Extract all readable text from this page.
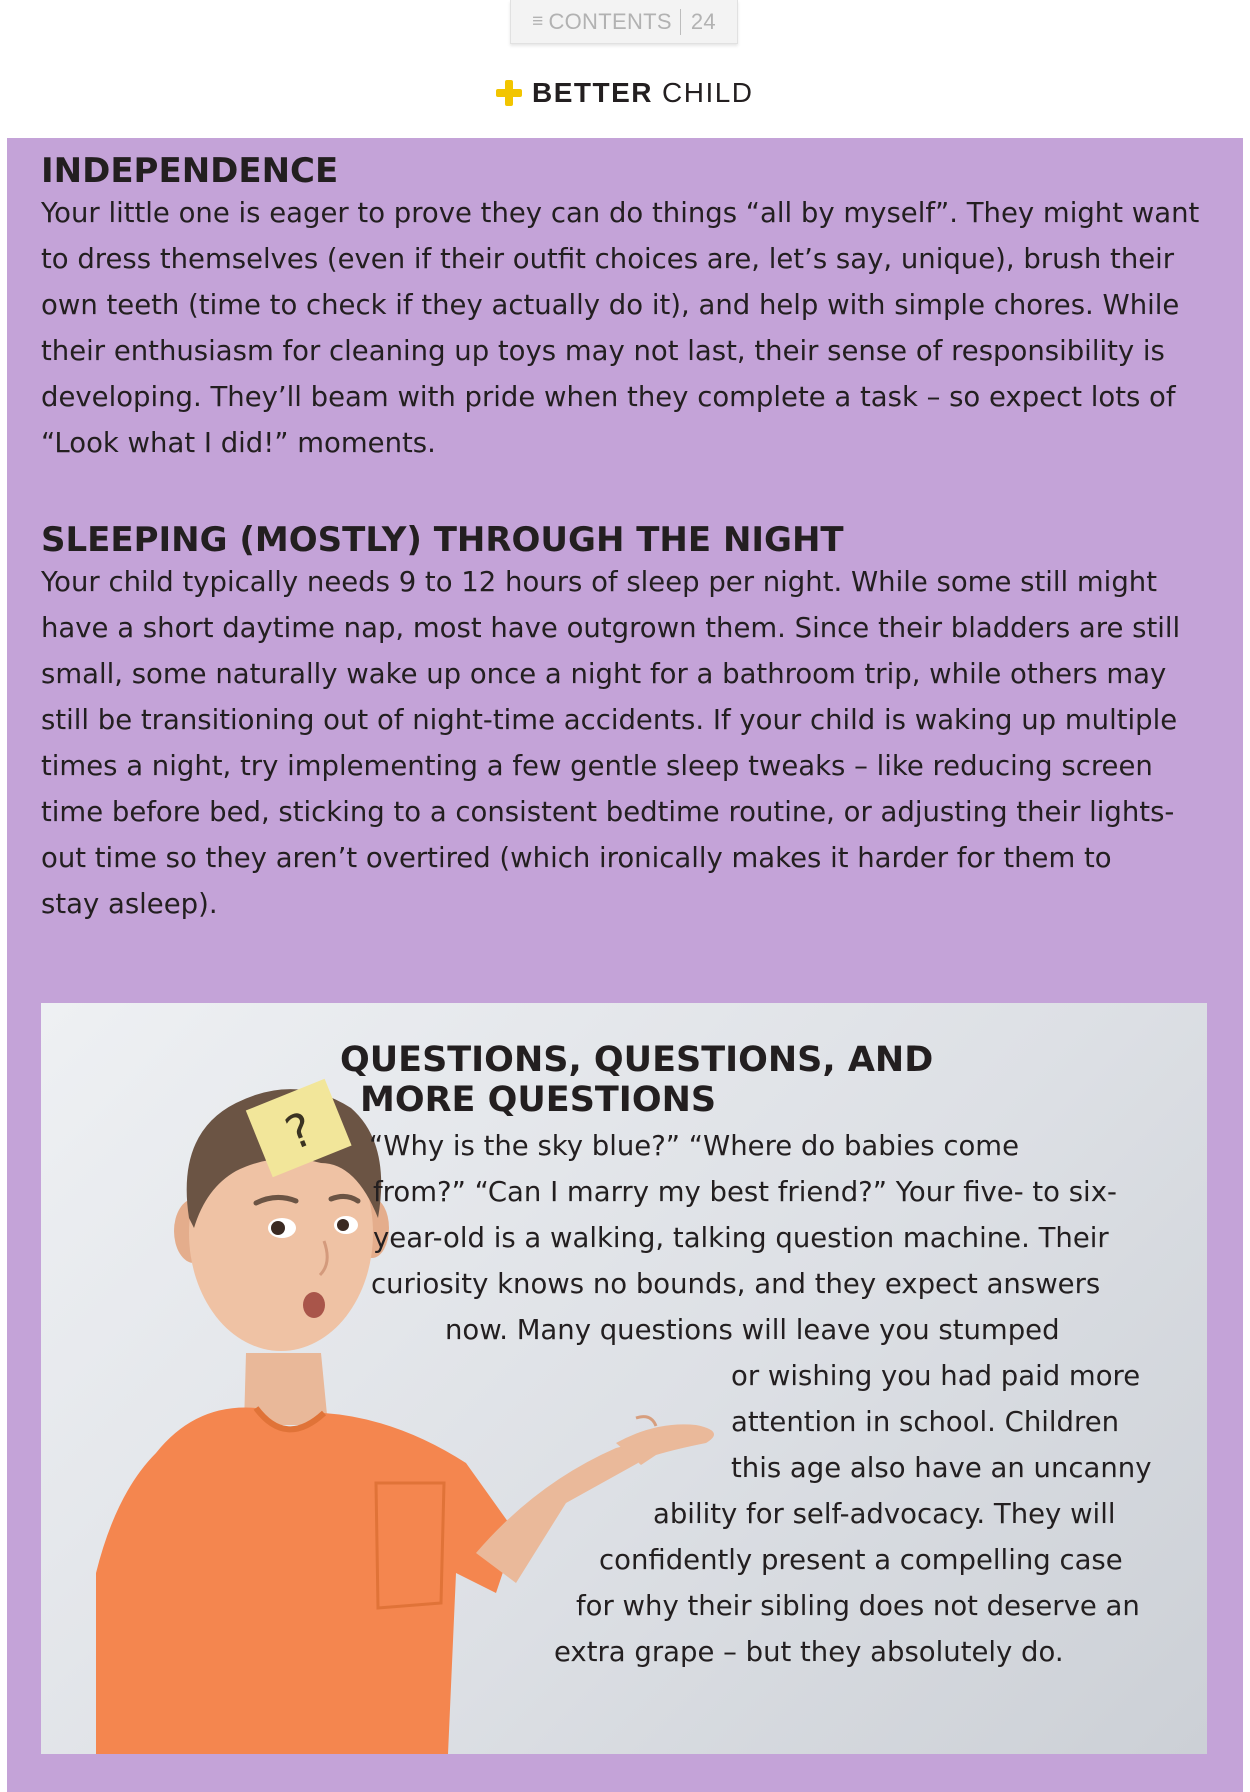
≡ CONTENTS 24
BETTER CHILD
INDEPENDENCE

Your little one is eager to prove they can do things “all by myself”. They might want
to dress themselves (even if their outfit choices are, let’s say, unique), brush their
own teeth (time to check if they actually do it), and help with simple chores. While
their enthusiasm for cleaning up toys may not last, their sense of responsibility is
developing. They’ll beam with pride when they complete a task – so expect lots of
“Look what I did!” moments.

SLEEPING (MOSTLY) THROUGH THE NIGHT

Your child typically needs 9 to 12 hours of sleep per night. While some still might
have a short daytime nap, most have outgrown them. Since their bladders are still
small, some naturally wake up once a night for a bathroom trip, while others may
still be transitioning out of night-time accidents. If your child is waking up multiple
times a night, try implementing a few gentle sleep tweaks – like reducing screen
time before bed, sticking to a consistent bedtime routine, or adjusting their lights-
out time so they aren’t overtired (which ironically makes it harder for them to
stay asleep).

?
QUESTIONS, QUESTIONS, AND
MORE QUESTIONS

“Why is the sky blue?” “Where do babies come

from?” “Can I marry my best friend?” Your five- to six-

year-old is a walking, talking question machine. Their

curiosity knows no bounds, and they expect answers

now. Many questions will leave you stumped

or wishing you had paid more

attention in school. Children

this age also have an uncanny

ability for self-advocacy. They will

confidently present a compelling case

for why their sibling does not deserve an

extra grape – but they absolutely do.
